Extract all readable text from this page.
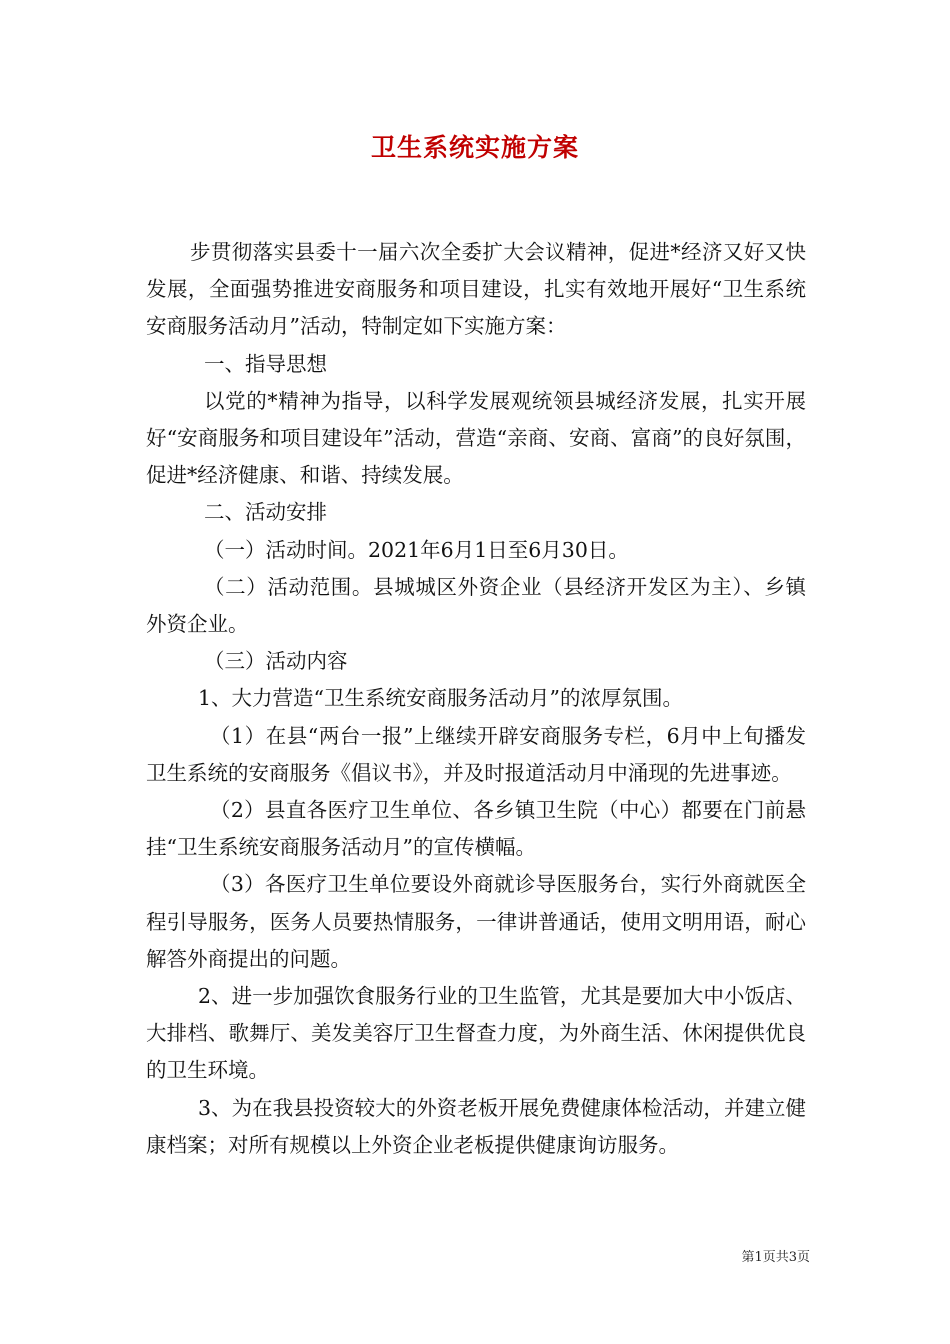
卫生系统实施方案

步贯彻落实县委十一届六次全委扩大会议精神，促进*经济又好又快发展，全面强势推进安商服务和项目建设，扎实有效地开展好“卫生系统安商服务活动月”活动，特制定如下实施方案：

一、指导思想

以党的*精神为指导，以科学发展观统领县城经济发展，扎实开展好“安商服务和项目建设年”活动，营造“亲商、安商、富商”的良好氛围，促进*经济健康、和谐、持续发展。

二、活动安排

（一）活动时间。2021年6月1日至6月30日。

（二）活动范围。县城城区外资企业（县经济开发区为主）、乡镇外资企业。

（三）活动内容

1、大力营造“卫生系统安商服务活动月”的浓厚氛围。

（1）在县“两台一报”上继续开辟安商服务专栏，6月中上旬播发卫生系统的安商服务《倡议书》，并及时报道活动月中涌现的先进事迹。

（2）县直各医疗卫生单位、各乡镇卫生院（中心）都要在门前悬挂“卫生系统安商服务活动月”的宣传横幅。

（3）各医疗卫生单位要设外商就诊导医服务台，实行外商就医全程引导服务，医务人员要热情服务，一律讲普通话，使用文明用语，耐心解答外商提出的问题。

2、进一步加强饮食服务行业的卫生监管，尤其是要加大中小饭店、大排档、歌舞厅、美发美容厅卫生督查力度，为外商生活、休闲提供优良的卫生环境。

3、为在我县投资较大的外资老板开展免费健康体检活动，并建立健康档案；对所有规模以上外资企业老板提供健康询访服务。

第1页共3页
